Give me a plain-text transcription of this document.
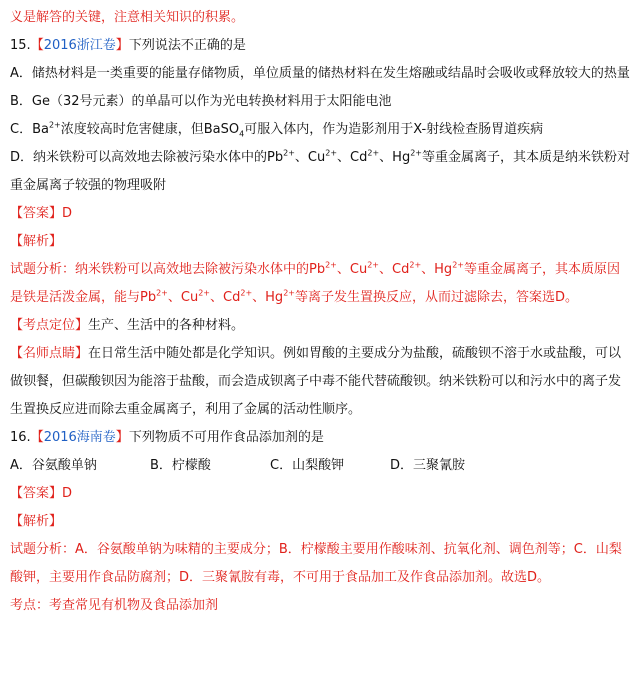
义是解答的关键，注意相关知识的积累。
15.【2016浙江卷】下列说法不正确的是
A．储热材料是一类重要的能量存储物质，单位质量的储热材料在发生熔融或结晶时会吸收或释放较大的热量
B．Ge（32号元素）的单晶可以作为光电转换材料用于太阳能电池
C．$Ba^{2+}$浓度较高时危害健康，但BaSO$_4$可服入体内，作为造影剂用于X-射线检查肠胃道疾病
D．纳米铁粉可以高效地去除被污染水体中的$Pb^{2+}$、$Cu^{2+}$、$Cd^{2+}$、$Hg^{2+}$等重金属离子，其本质是纳米铁粉对重金属离子较强的物理吸附
【答案】D
【解析】
试题分析：纳米铁粉可以高效地去除被污染水体中的$Pb^{2+}$、$Cu^{2+}$、$Cd^{2+}$、$Hg^{2+}$等重金属离子，其本质原因是铁是活泼金属，能与$Pb^{2+}$、$Cu^{2+}$、$Cd^{2+}$、$Hg^{2+}$等离子发生置换反应，从而过滤除去，答案选D。
【考点定位】生产、生活中的各种材料。
【名师点睛】在日常生活中随处都是化学知识。例如胃酸的主要成分为盐酸，硫酸钡不溶于水或盐酸，可以做钡餐，但碳酸钡因为能溶于盐酸，而会造成钡离子中毒不能代替硫酸钡。纳米铁粉可以和污水中的离子发生置换反应进而除去重金属离子，利用了金属的活动性顺序。
16.【2016海南卷】下列物质不可用作食品添加剂的是
A．谷氨酸单钠	B．柠檬酸	C．山梨酸钾	D．三聚氰胺
【答案】D
【解析】
试题分析：A．谷氨酸单钠为味精的主要成分；B．柠檬酸主要用作酸味剂、抗氧化剂、调色剂等；C．山梨酸钾，主要用作食品防腐剂；D．三聚氰胺有毒，不可用于食品加工及作食品添加剂。故选D。
考点：考查常见有机物及食品添加剂
